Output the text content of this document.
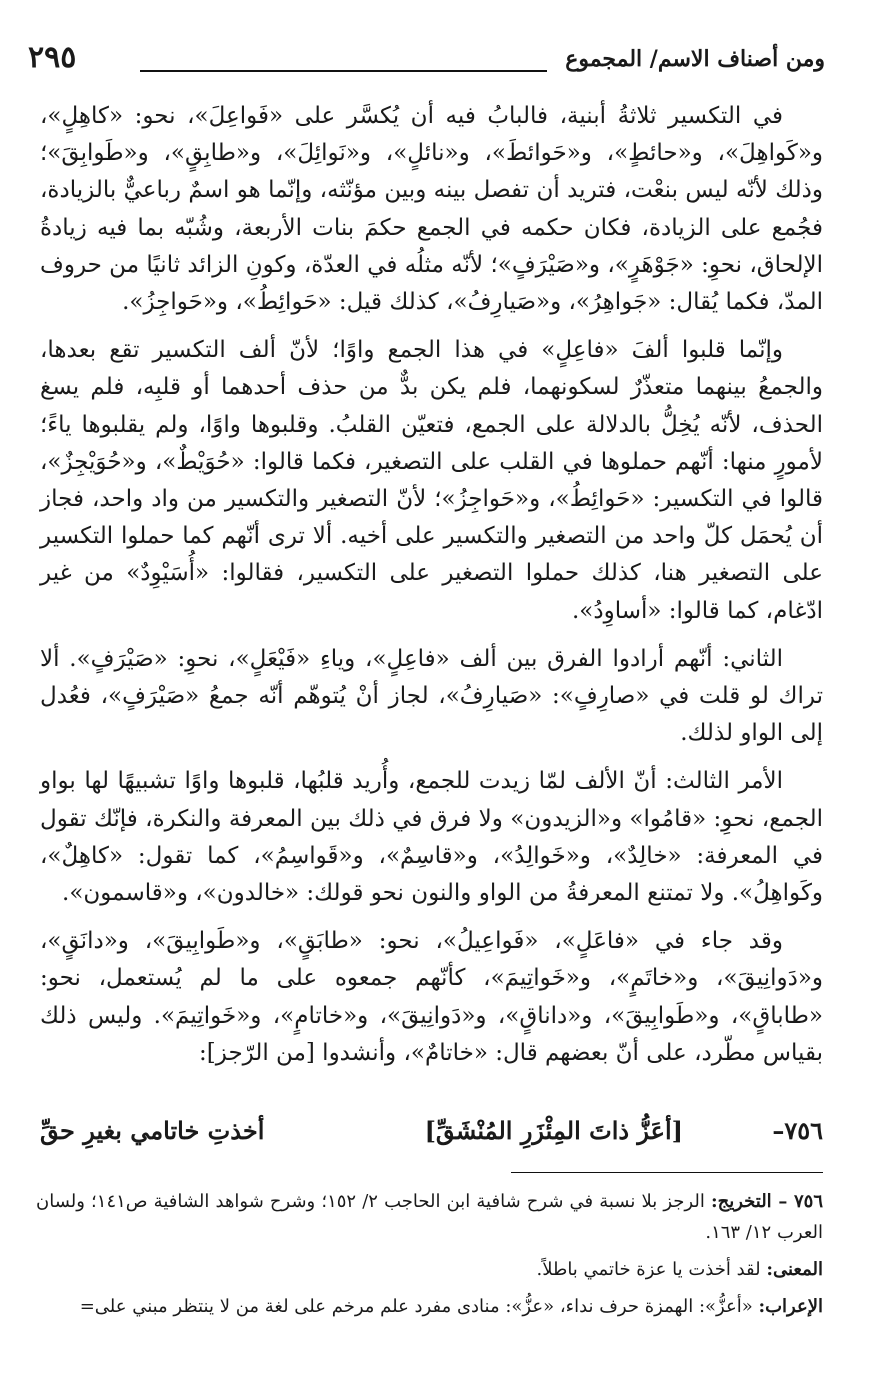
ومن أصناف الاسم/ المجموع
٢٩٥

في التكسير ثلاثةُ أبنية، فالبابُ فيه أن يُكسَّر على «فَواعِلَ»، نحو: «كاهِلٍ»، و«كَواهِلَ»، و«حائطٍ»، و«حَوائطَ»، و«نائلٍ»، و«نَوائِلَ»، و«طابِقٍ»، و«طَوابِقَ»؛ وذلك لأنّه ليس بنعْت، فتريد أن تفصل بينه وبين مؤنّثه، وإنّما هو اسمٌ رباعيٌّ بالزيادة، فجُمع على الزيادة، فكان حكمه في الجمع حكمَ بنات الأربعة، وشُبّه بما فيه زيادةُ الإلحاق، نحوِ: «جَوْهَرٍ»، و«صَيْرَفٍ»؛ لأنّه مثلُه في العدّة، وكونِ الزائد ثانيًا من حروف المدّ، فكما يُقال: «جَواهِرُ»، و«صَيارِفُ»، كذلك قيل: «حَوائِطُ»، و«حَواجِزُ».

وإنّما قلبوا ألفَ «فاعِلٍ» في هذا الجمع واوًا؛ لأنّ ألف التكسير تقع بعدها، والجمعُ بينهما متعذّرٌ لسكونهما، فلم يكن بدٌّ من حذف أحدهما أو قلبِه، فلم يسغ الحذف، لأنّه يُخِلُّ بالدلالة على الجمع، فتعيّن القلبُ. وقلبوها واوًا، ولم يقلبوها ياءً؛ لأمورٍ منها: أنّهم حملوها في القلب على التصغير، فكما قالوا: «حُوَيْطٌ»، و«حُوَيْجِزٌ»، قالوا في التكسير: «حَوائِطُ»، و«حَواجِزُ»؛ لأنّ التصغير والتكسير من واد واحد، فجاز أن يُحمَل كلّ واحد من التصغير والتكسير على أخيه. ألا ترى أنّهم كما حملوا التكسير على التصغير هنا، كذلك حملوا التصغير على التكسير، فقالوا: «أُسَيْوِدٌ» من غير ادّغام، كما قالوا: «أساوِدُ».

الثاني: أنّهم أرادوا الفرق بين ألف «فاعِلٍ»، وياءِ «فَيْعَلٍ»، نحوِ: «صَيْرَفٍ». ألا تراك لو قلت في «صارِفٍ»: «صَيارِفُ»، لجاز أنْ يُتوهّم أنّه جمعُ «صَيْرَفٍ»، فعُدل إلى الواو لذلك.

الأمر الثالث: أنّ الألف لمّا زيدت للجمع، وأُريد قلبُها، قلبوها واوًا تشبيهًا لها بواو الجمع، نحوِ: «قامُوا» و«الزيدون» ولا فرق في ذلك بين المعرفة والنكرة، فإنّك تقول في المعرفة: «خالِدٌ»، و«خَوالِدُ»، و«قاسِمٌ»، و«قَواسِمُ»، كما تقول: «كاهِلٌ»، وكَواهِلُ». ولا تمتنع المعرفةُ من الواو والنون نحو قولك: «خالدون»، و«قاسمون».

وقد جاء في «فاعَلٍ»، «فَواعِيلُ»، نحو: «طابَقٍ»، و«طَوابِيقَ»، و«دانَقٍ»، و«دَوانِيقَ»، و«خاتَمٍ»، و«خَواتِيمَ»، كأنّهم جمعوه على ما لم يُستعمل، نحو: «طاباقٍ»، و«طَوابِيقَ»، و«داناقٍ»، و«دَوانِيقَ»، و«خاتامٍ»، و«خَواتِيمَ». وليس ذلك بقياس مطّرد، على أنّ بعضهم قال: «خاتامٌ»، وأنشدوا [من الرّجز]:

٧٥٦–
[أعَزُّ ذاتَ المِئْزَرِ المُنْشَقِّ]
أخذتِ خاتامي بغيرِ حقِّ

٧٥٦ – التخريج: الرجز بلا نسبة في شرح شافية ابن الحاجب ٢/ ١٥٢؛ وشرح شواهد الشافية ص١٤١؛ ولسان العرب ١٢/ ١٦٣.

المعنى: لقد أخذت يا عزة خاتمي باطلاً.

الإعراب: «أعزُّ»: الهمزة حرف نداء، «عزُّ»: منادى مفرد علم مرخم على لغة من لا ينتظر مبني على=
